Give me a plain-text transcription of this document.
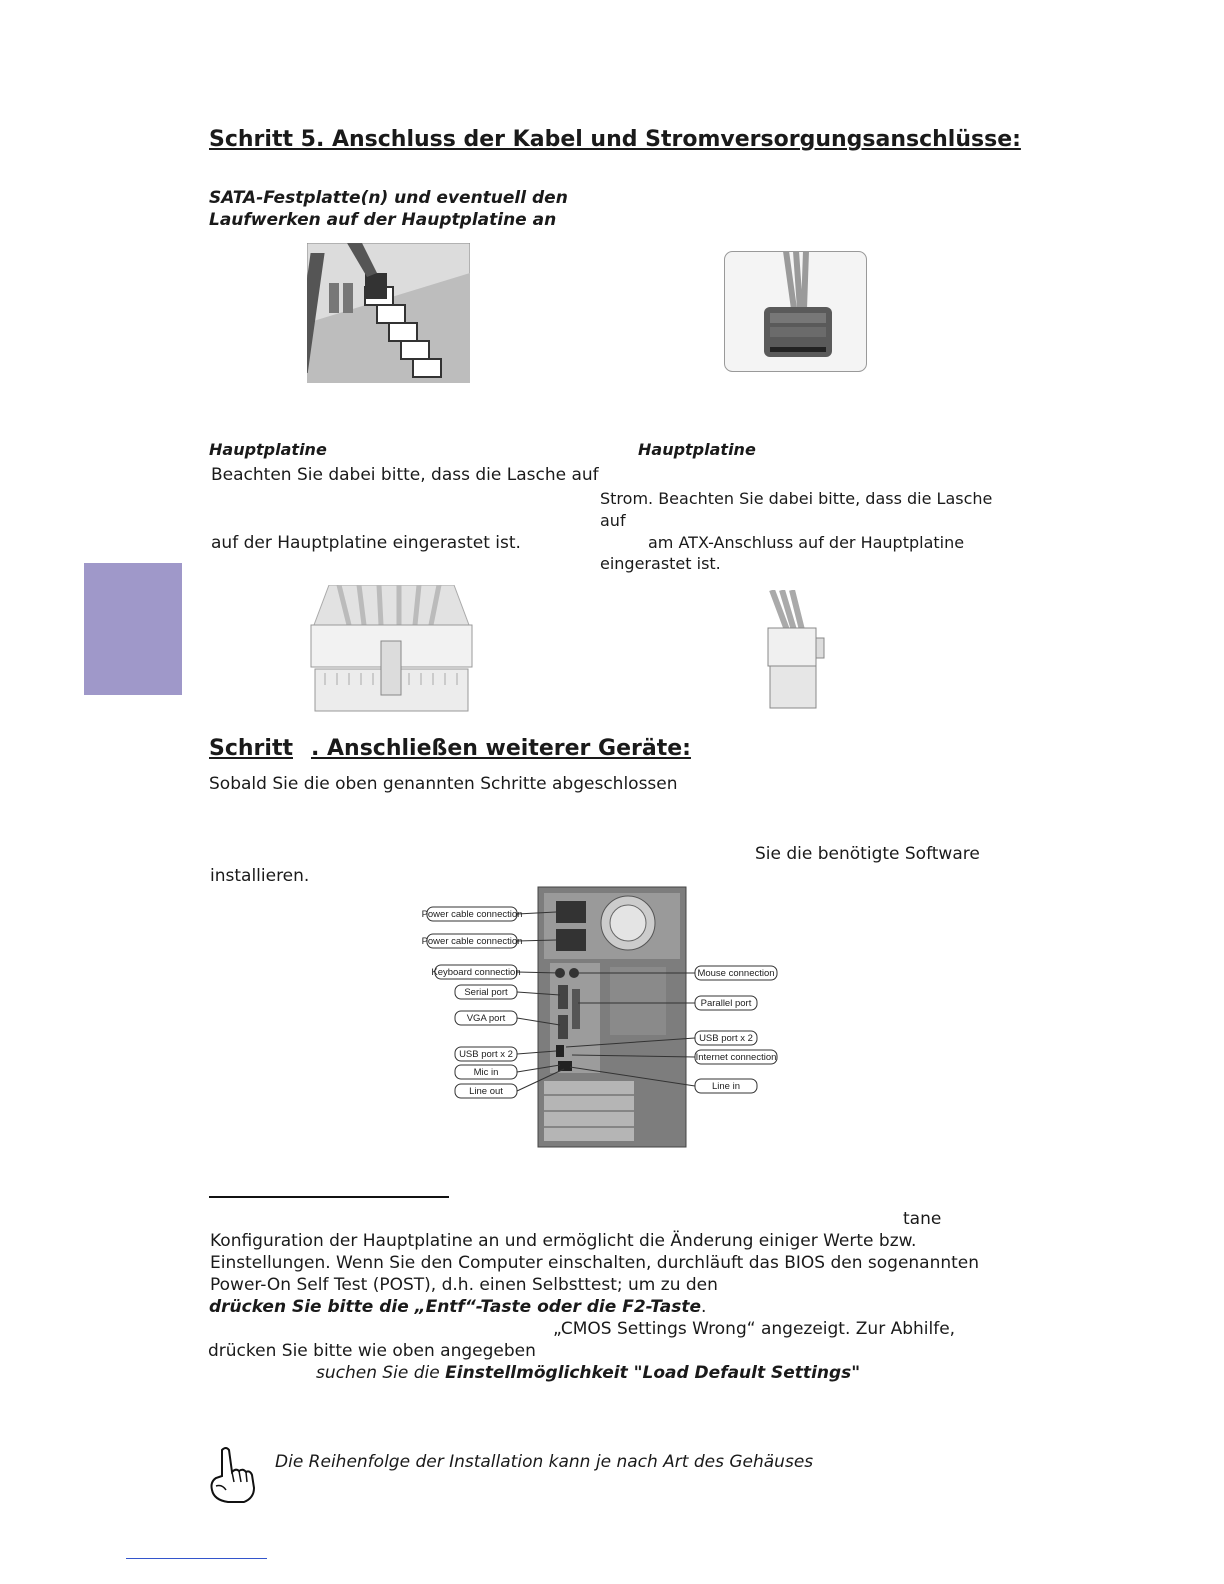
Schritt 5. Anschluss der Kabel und Stromversorgungsanschlüsse:
SATA-Festplatte(n) und eventuell den
Laufwerken auf der Hauptplatine an
Hauptplatine	Hauptplatine
Beachten Sie dabei bitte, dass die Lasche auf
Strom. Beachten Sie dabei bitte, dass die Lasche
auf
auf der Hauptplatine eingerastet ist.	am ATX-Anschluss auf der Hauptplatine
eingerastet ist.
Schritt . Anschließen weiterer Geräte:
Sobald Sie die oben genannten Schritte abgeschlossen
Sie die benötigte Software
installieren.
Power cable connection
Power cable connection
Keyboard connection
Serial port
VGA port
USB port x 2
Mic in
Line out
Mouse connection
Parallel port
USB port x 2
Internet connection
Line in
tane
Konfiguration der Hauptplatine an und ermöglicht die Änderung einiger Werte bzw.
Einstellungen. Wenn Sie den Computer einschalten, durchläuft das BIOS den sogenannten
Power-On Self Test (POST), d.h. einen Selbsttest; um zu den
drücken Sie bitte die „Entf“-Taste oder die F2-Taste.
„CMOS Settings Wrong“ angezeigt. Zur Abhilfe,
drücken Sie bitte wie oben angegeben
suchen Sie die Einstellmöglichkeit "Load Default Settings"
Die Reihenfolge der Installation kann je nach Art des Gehäuses
